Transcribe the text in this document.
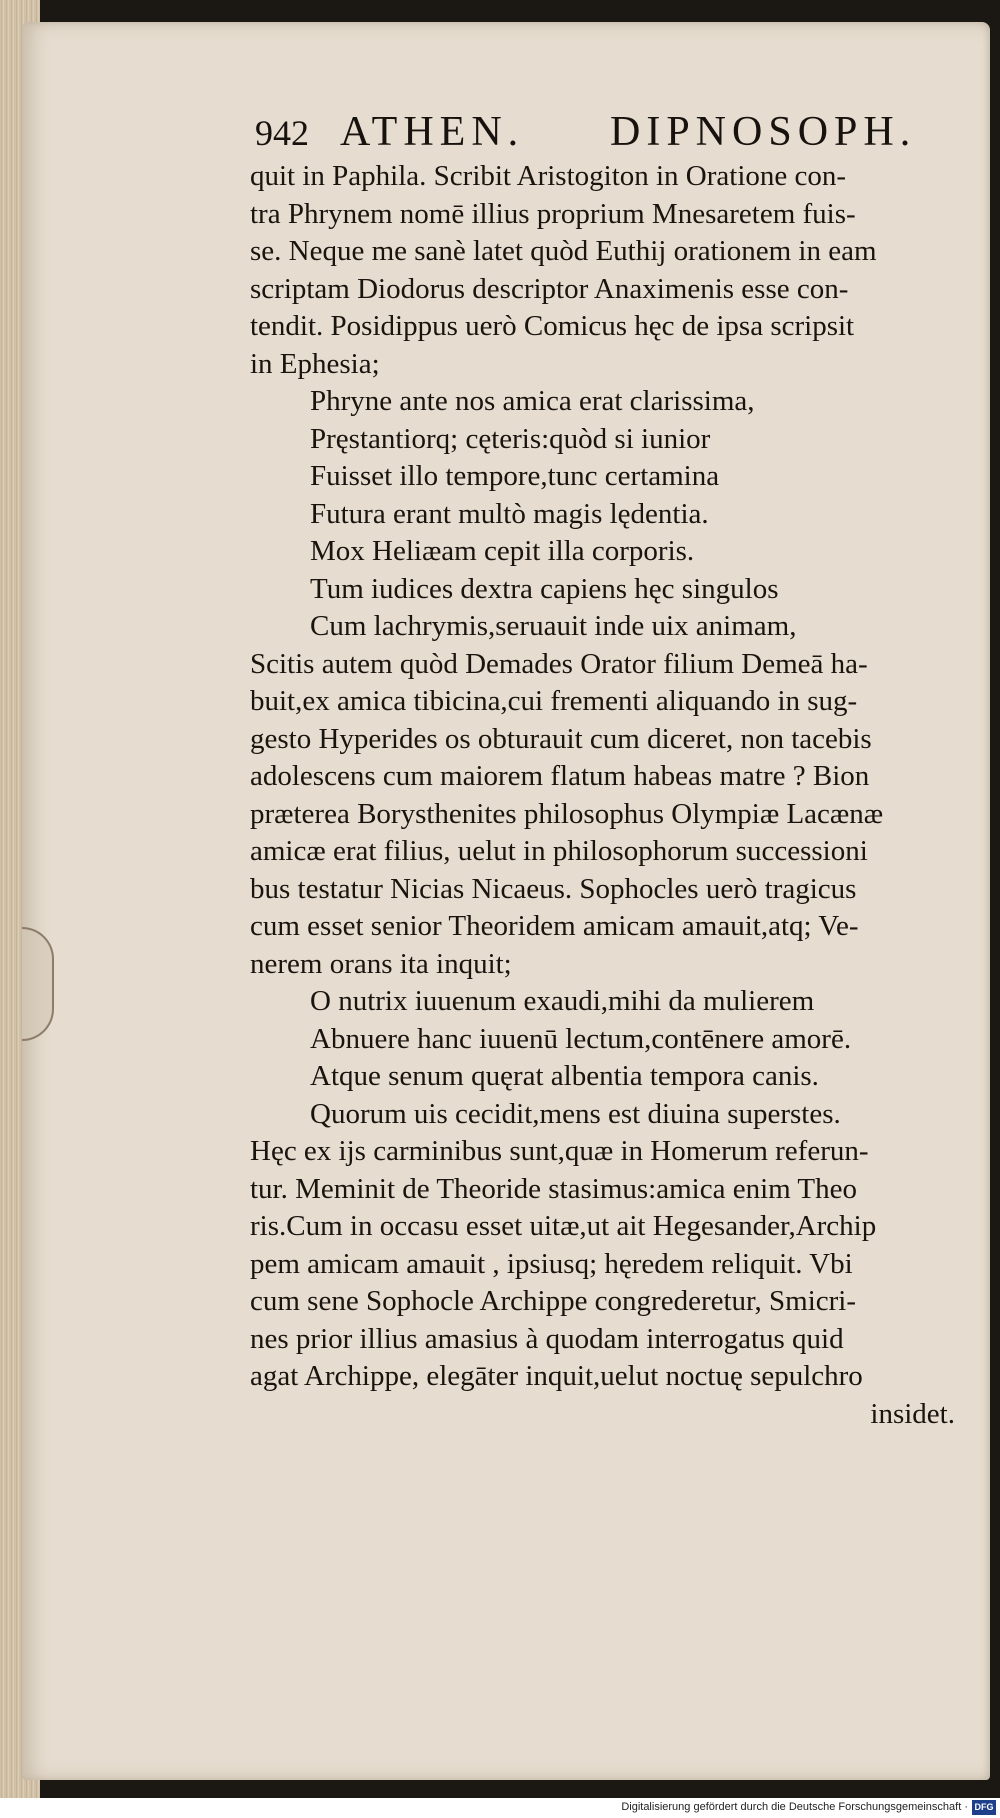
942 ATHEN. DIPNOSOPH.
quit in Paphila. Scribit Aristogiton in Oratione con-
tra Phrynem nomē illius proprium Mnesaretem fuis-
se. Neque me sanè latet quòd Euthij orationem in eam
scriptam Diodorus descriptor Anaximenis esse con-
tendit. Posidippus uerò Comicus hęc de ipsa scripsit
in Ephesia;
Phryne ante nos amica erat clarissima,
Pręstantiorq; cęteris:quòd si iunior
Fuisset illo tempore,tunc certamina
Futura erant multò magis lędentia.
Mox Heliæam cepit illa corporis.
Tum iudices dextra capiens hęc singulos
Cum lachrymis,seruauit inde uix animam,
Scitis autem quòd Demades Orator filium Demeā ha-
buit,ex amica tibicina,cui frementi aliquando in sug-
gesto Hyperides os obturauit cum diceret, non tacebis
adolescens cum maiorem flatum habeas matre ? Bion
præterea Borysthenites philosophus Olympiæ Lacænæ
amicæ erat filius, uelut in philosophorum successioni
bus testatur Nicias Nicaeus. Sophocles uerò tragicus
cum esset senior Theoridem amicam amauit,atq; Ve-
nerem orans ita inquit;
O nutrix iuuenum exaudi,mihi da mulierem
Abnuere hanc iuuenū lectum,contēnere amorē.
Atque senum quęrat albentia tempora canis.
Quorum uis cecidit,mens est diuina superstes.
Hęc ex ijs carminibus sunt,quæ in Homerum referun-
tur. Meminit de Theoride stasimus:amica enim Theo
ris.Cum in occasu esset uitæ,ut ait Hegesander,Archip
pem amicam amauit , ipsiusq; hęredem reliquit. Vbi
cum sene Sophocle Archippe congrederetur, Smicri-
nes prior illius amasius à quodam interrogatus quid
agat Archippe, elegāter inquit,uelut noctuę sepulchro
insidet.
Digitalisierung gefördert durch die Deutsche Forschungsgemeinschaft · DFG
